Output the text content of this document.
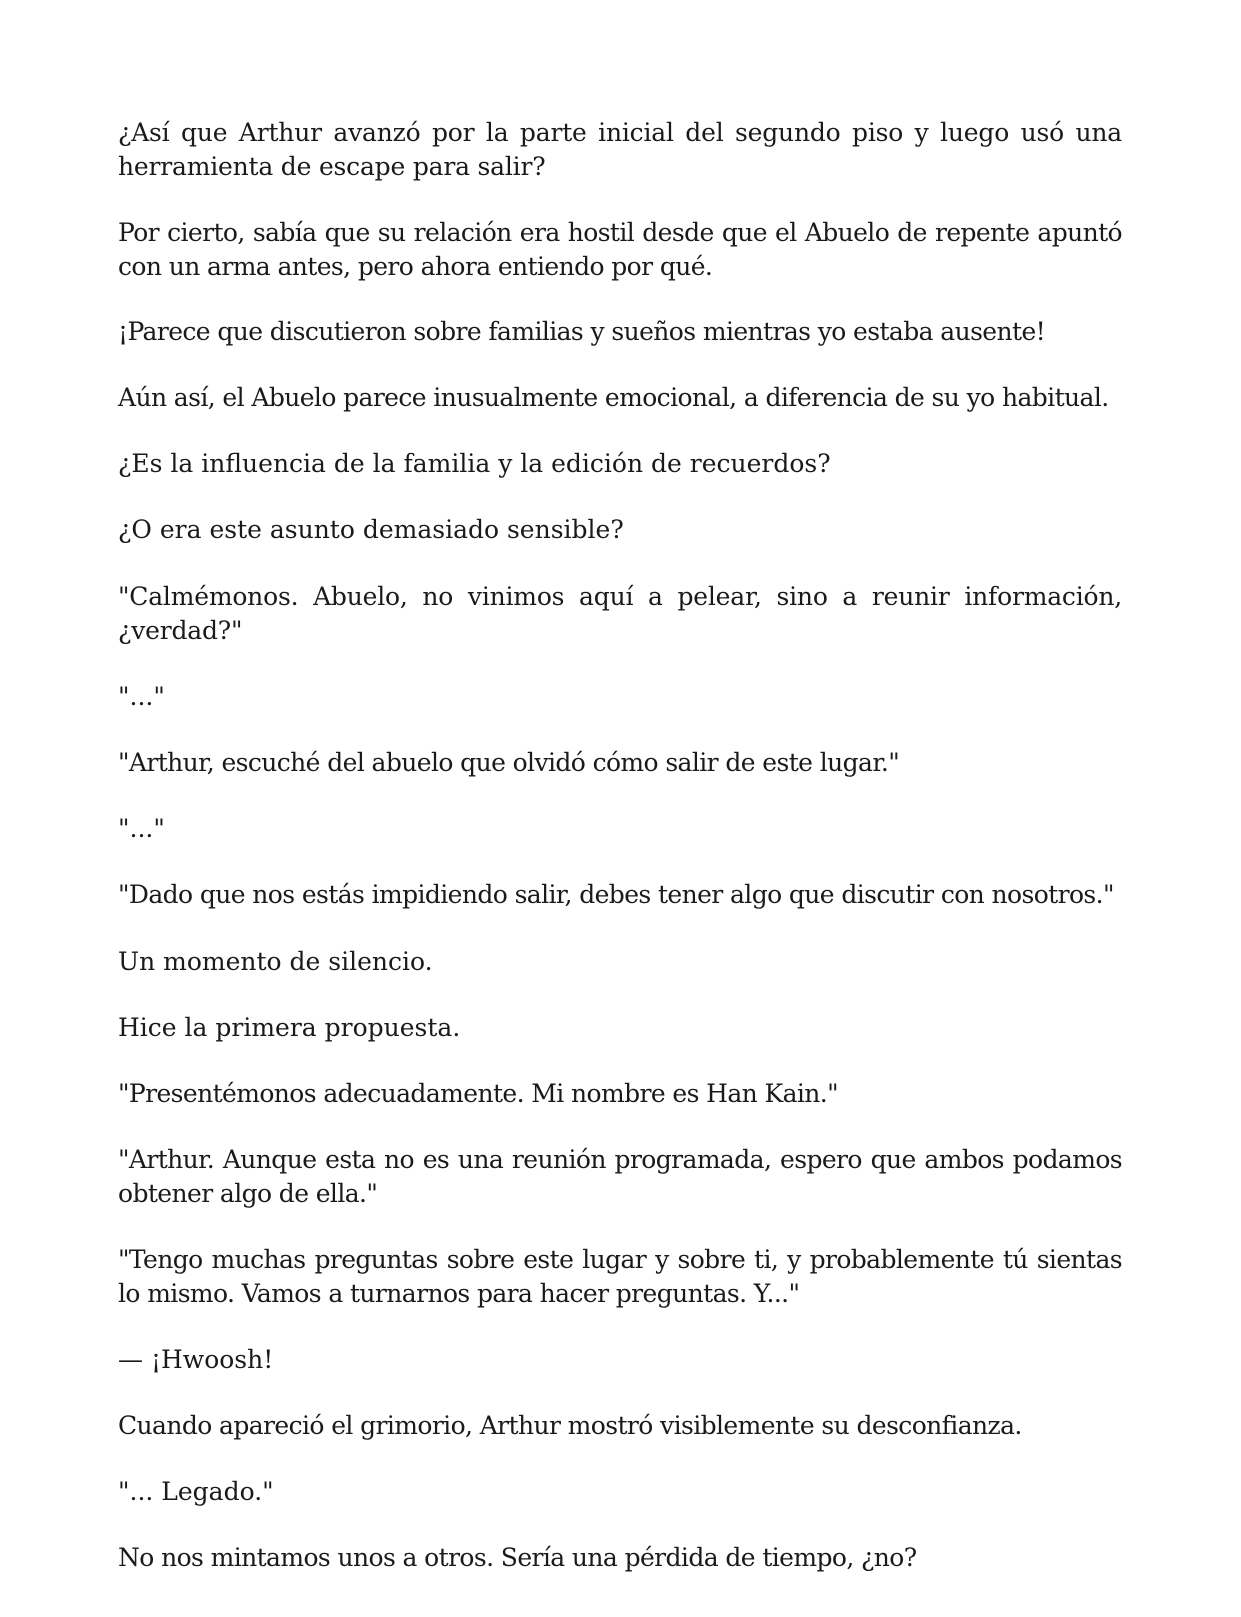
¿Así que Arthur avanzó por la parte inicial del segundo piso y luego usó una herramienta de escape para salir?

Por cierto, sabía que su relación era hostil desde que el Abuelo de repente apuntó con un arma antes, pero ahora entiendo por qué.

¡Parece que discutieron sobre familias y sueños mientras yo estaba ausente!

Aún así, el Abuelo parece inusualmente emocional, a diferencia de su yo habitual.

¿Es la influencia de la familia y la edición de recuerdos?

¿O era este asunto demasiado sensible?

"Calmémonos. Abuelo, no vinimos aquí a pelear, sino a reunir información, ¿verdad?"

"..."

"Arthur, escuché del abuelo que olvidó cómo salir de este lugar."

"..."

"Dado que nos estás impidiendo salir, debes tener algo que discutir con nosotros."

Un momento de silencio.

Hice la primera propuesta.

"Presentémonos adecuadamente. Mi nombre es Han Kain."

"Arthur. Aunque esta no es una reunión programada, espero que ambos podamos obtener algo de ella."

"Tengo muchas preguntas sobre este lugar y sobre ti, y probablemente tú sientas lo mismo. Vamos a turnarnos para hacer preguntas. Y..."

— ¡Hwoosh!

Cuando apareció el grimorio, Arthur mostró visiblemente su desconfianza.

"... Legado."

No nos mintamos unos a otros. Sería una pérdida de tiempo, ¿no?
